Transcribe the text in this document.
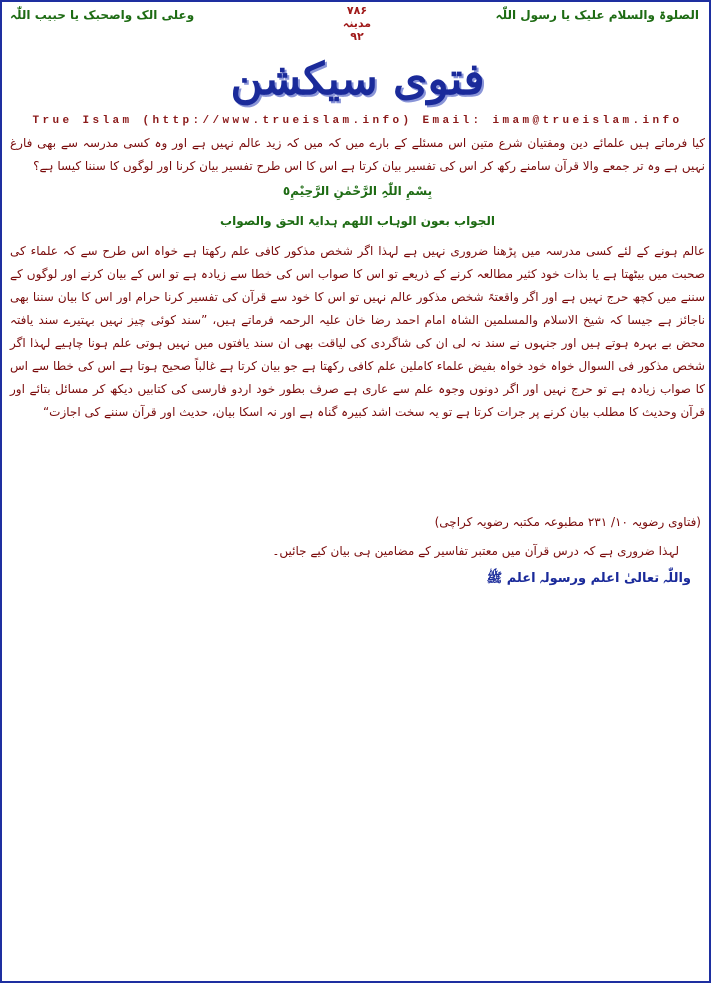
الصلوۃ والسلام علیک یا رسول اللّٰہ
۷۸۶
مدینہ
۹۲
وعلی الک واصحبک یا حبیب اللّٰہ
فتوی سیکشن
True Islam (http://www.trueislam.info) Email: imam@trueislam.info
کیا فرماتے ہیں علمائے دین ومفتیان شرع متین اس مسئلے کے بارے میں کہ میں کہ زید عالم نہیں ہے اور وہ کسی مدرسہ سے بھی فارغ نہیں ہے وہ تر جمعے والا قرآن سامنے رکھ کر اس کی تفسیر بیان کرتا ہے اس کا اس طرح تفسیر بیان کرنا اور لوگوں کا سننا کیسا ہے؟
بِسْمِ اللّٰہِ الرَّحْمٰنِ الرَّحِیْمِ٥
الجواب بعون الوہاب اللھم ہدایۃ الحق والصواب
عالم ہونے کے لئے کسی مدرسہ میں پڑھنا ضروری نہیں ہے لہذا اگر شخص مذکور کافی علم رکھتا ہے خواہ اس طرح سے کہ علماء کی صحبت میں بیٹھتا ہے یا بذات خود کثیر مطالعہ کرنے کے ذریعے تو اس کا صواب اس کی خطا سے زیادہ ہے تو اس کے بیان کرنے اور لوگوں کے سننے میں کچھ حرج نہیں ہے اور اگر واقعتہً شخص مذکور عالم نہیں تو اس کا خود سے قرآن کی تفسیر کرنا حرام اور اس کا بیان سننا بھی ناجائز ہے جیسا کہ شیخ الاسلام والمسلمین الشاہ امام احمد رضا خان علیہ الرحمہ فرماتے ہیں، ”سند کوئی چیز نہیں بہتیرے سند یافتہ محض بے بہرہ ہوتے ہیں اور جنہوں نے سند نہ لی ان کی شاگردی کی لیاقت بھی ان سند یافتوں میں نہیں ہوتی علم ہونا چاہیے لہذا اگر شخص مذکور فی السوال خواہ خود خواہ بفیض علماء کاملین علم کافی رکھتا ہے جو بیان کرتا ہے غالباً صحیح ہوتا ہے اس کی خطا سے اس کا صواب زیادہ ہے تو حرج نہیں اور اگر دونوں وجوہ علم سے عاری ہے صرف بطور خود اردو فارسی کی کتابیں دیکھ کر مسائل بتائے اور قرآن وحدیث کا مطلب بیان کرنے پر جرات کرتا ہے تو یہ سخت اشد کبیرہ گناہ ہے اور نہ اسکا بیان، حدیث اور قرآن سننے کی اجازت“
(فتاوی رضویہ ۱۰/ ۲۳۱ مطبوعہ مکتبہ رضویہ کراچی)
لہذا ضروری ہے کہ درس قرآن میں معتبر تفاسیر کے مضامین ہی بیان کیے جائیں۔
واللّٰہ تعالیٰ اعلم ورسولہ اعلم ﷺ
